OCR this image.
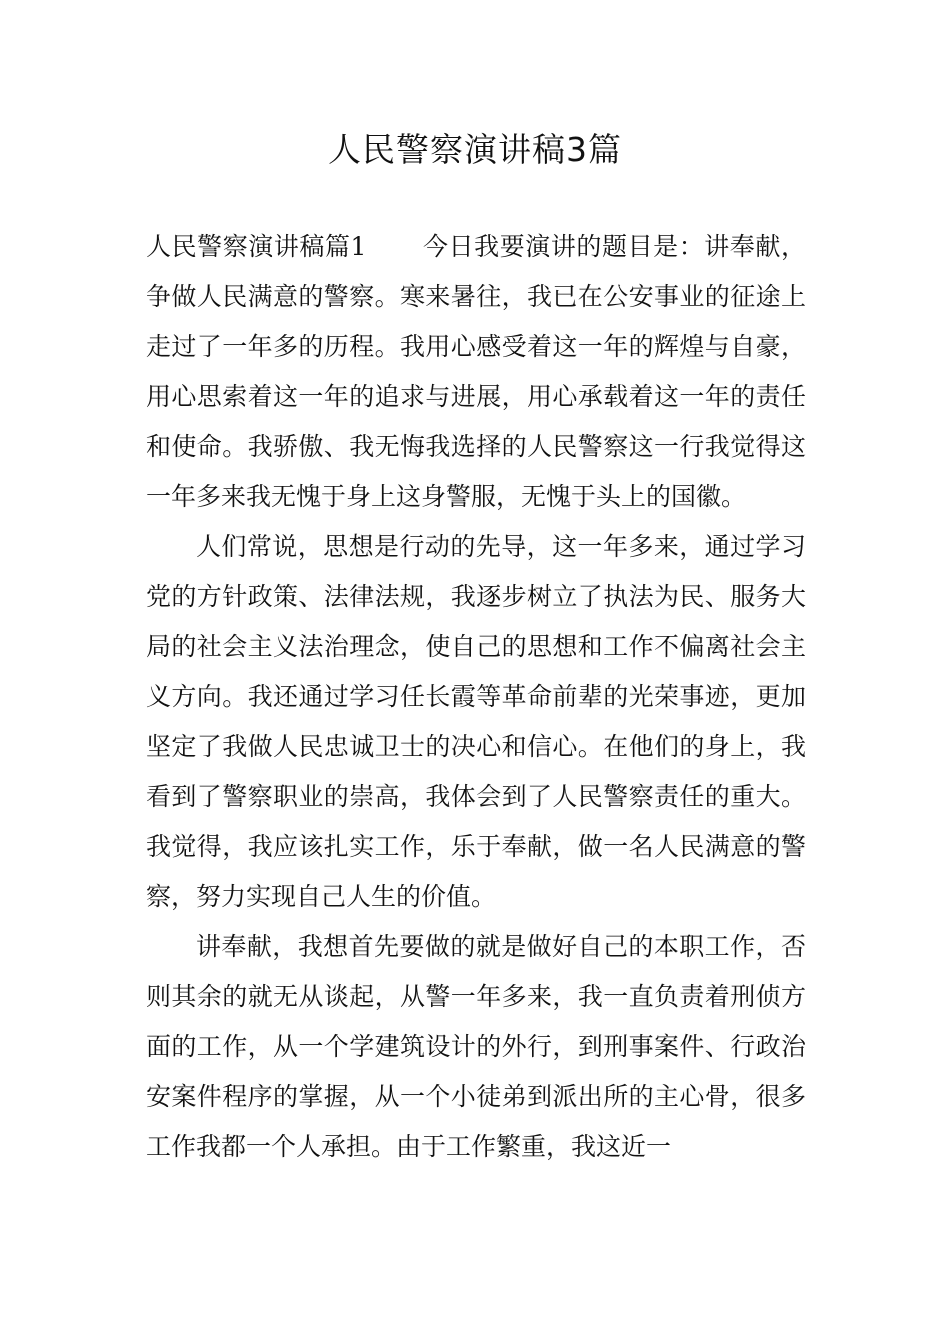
人民警察演讲稿3篇

人民警察演讲稿篇1 今日我要演讲的题目是：讲奉献，争做人民满意的警察。寒来暑往，我已在公安事业的征途上走过了一年多的历程。我用心感受着这一年的辉煌与自豪，用心思索着这一年的追求与进展，用心承载着这一年的责任和使命。我骄傲、我无悔我选择的人民警察这一行我觉得这一年多来我无愧于身上这身警服，无愧于头上的国徽。

人们常说，思想是行动的先导，这一年多来，通过学习党的方针政策、法律法规，我逐步树立了执法为民、服务大局的社会主义法治理念，使自己的思想和工作不偏离社会主义方向。我还通过学习任长霞等革命前辈的光荣事迹，更加坚定了我做人民忠诚卫士的决心和信心。在他们的身上，我看到了警察职业的崇高，我体会到了人民警察责任的重大。我觉得，我应该扎实工作，乐于奉献，做一名人民满意的警察，努力实现自己人生的价值。

讲奉献，我想首先要做的就是做好自己的本职工作，否则其余的就无从谈起，从警一年多来，我一直负责着刑侦方面的工作，从一个学建筑设计的外行，到刑事案件、行政治安案件程序的掌握，从一个小徒弟到派出所的主心骨，很多工作我都一个人承担。由于工作繁重，我这近一
